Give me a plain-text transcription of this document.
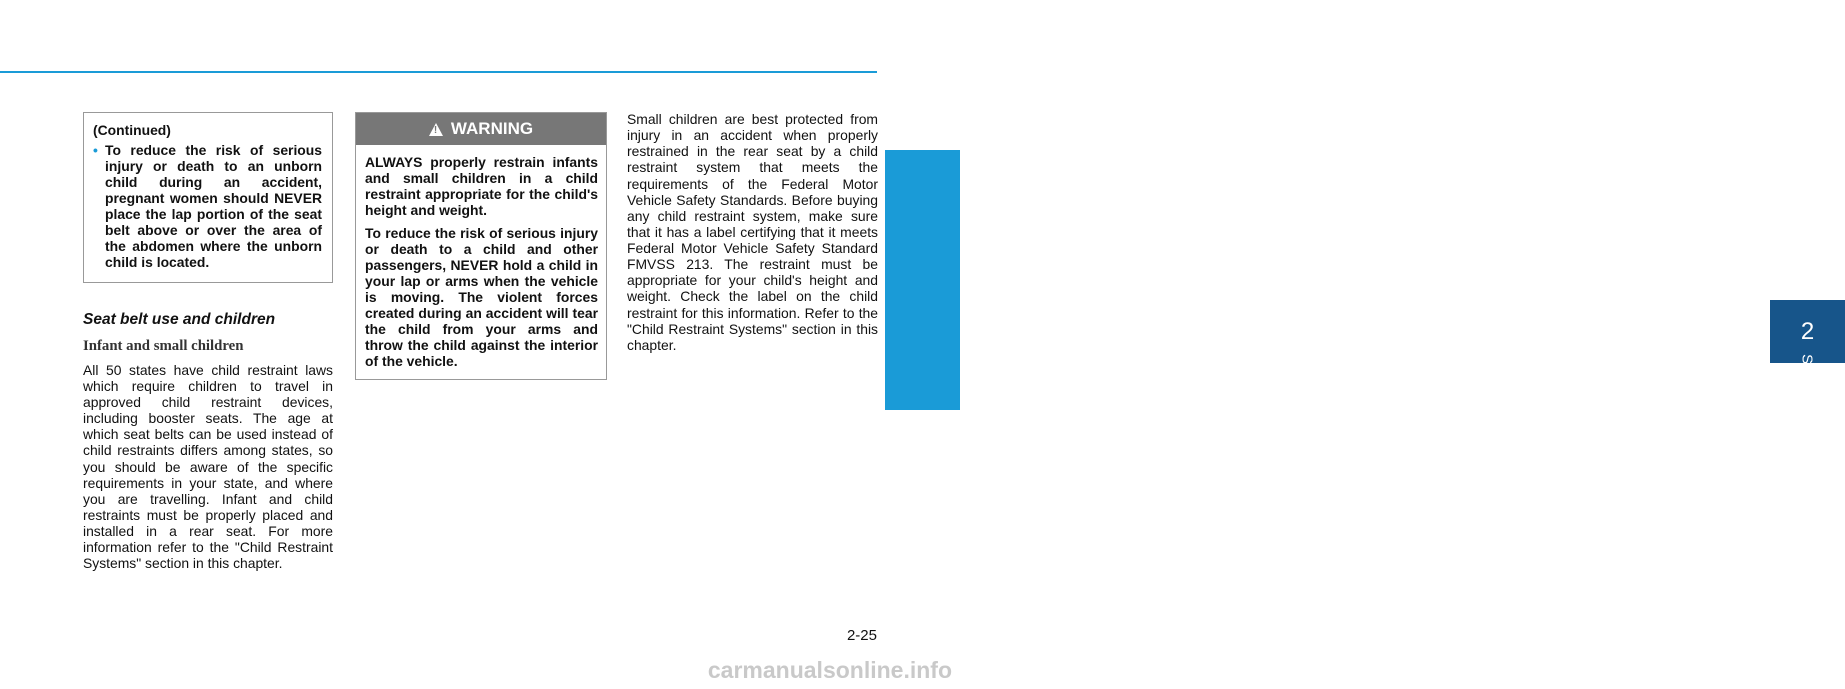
2
Safety system of your vehicle
(Continued)
• To reduce the risk of serious injury or death to an unborn child during an accident, pregnant women should NEVER place the lap portion of the seat belt above or over the area of the abdomen where the unborn child is located.
Seat belt use and children
Infant and small children
All 50 states have child restraint laws which require children to travel in approved child restraint devices, including booster seats. The age at which seat belts can be used instead of child restraints differs among states, so you should be aware of the specific requirements in your state, and where you are travelling. Infant and child restraints must be properly placed and installed in a rear seat. For more information refer to the "Child Restraint Systems" section in this chapter.
! WARNING
ALWAYS properly restrain infants and small children in a child restraint appropriate for the child's height and weight.
To reduce the risk of serious injury or death to a child and other passengers, NEVER hold a child in your lap or arms when the vehicle is moving. The violent forces created during an accident will tear the child from your arms and throw the child against the interior of the vehicle.
Small children are best protected from injury in an accident when properly restrained in the rear seat by a child restraint system that meets the requirements of the Federal Motor Vehicle Safety Standards. Before buying any child restraint system, make sure that it has a label certifying that it meets Federal Motor Vehicle Safety Standard FMVSS 213. The restraint must be appropriate for your child's height and weight. Check the label on the child restraint for this information. Refer to the "Child Restraint Systems" section in this chapter.
2-25
carmanualsonline.info
